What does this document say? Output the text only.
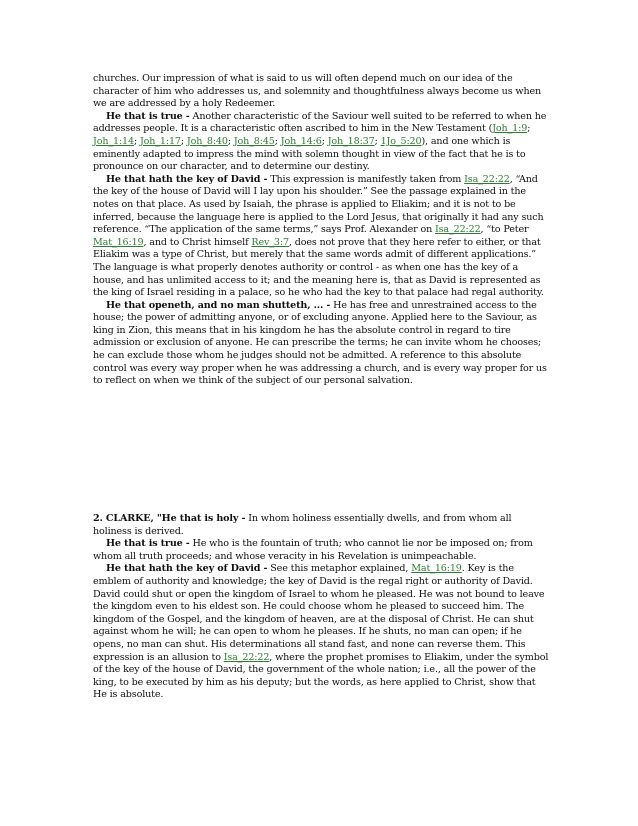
churches. Our impression of what is said to us will often depend much on our idea of the character of him who addresses us, and solemnity and thoughtfulness always become us when we are addressed by a holy Redeemer.

He that is true - Another characteristic of the Saviour well suited to be referred to when he addresses people. It is a characteristic often ascribed to him in the New Testament (Joh_1:9; Joh_1:14; Joh_1:17; Joh_8:40; Joh_8:45; Joh_14:6; Joh_18:37; 1Jo_5:20), and one which is eminently adapted to impress the mind with solemn thought in view of the fact that he is to pronounce on our character, and to determine our destiny.

He that hath the key of David - This expression is manifestly taken from Isa_22:22, “And the key of the house of David will I lay upon his shoulder.” See the passage explained in the notes on that place. As used by Isaiah, the phrase is applied to Eliakim; and it is not to be inferred, because the language here is applied to the Lord Jesus, that originally it had any such reference. “The application of the same terms,” says Prof. Alexander on Isa_22:22, “to Peter Mat_16:19, and to Christ himself Rev_3:7, does not prove that they here refer to either, or that Eliakim was a type of Christ, but merely that the same words admit of different applications.” The language is what properly denotes authority or control - as when one has the key of a house, and has unlimited access to it; and the meaning here is, that as David is represented as the king of Israel residing in a palace, so he who had the key to that palace had regal authority.

He that openeth, and no man shutteth, ... - He has free and unrestrained access to the house; the power of admitting anyone, or of excluding anyone. Applied here to the Saviour, as king in Zion, this means that in his kingdom he has the absolute control in regard to tire admission or exclusion of anyone. He can prescribe the terms; he can invite whom he chooses; he can exclude those whom he judges should not be admitted. A reference to this absolute control was every way proper when he was addressing a church, and is every way proper for us to reflect on when we think of the subject of our personal salvation.

2. CLARKE, "He that is holy - In whom holiness essentially dwells, and from whom all holiness is derived.

He that is true - He who is the fountain of truth; who cannot lie nor be imposed on; from whom all truth proceeds; and whose veracity in his Revelation is unimpeachable.

He that hath the key of David - See this metaphor explained, Mat_16:19. Key is the emblem of authority and knowledge; the key of David is the regal right or authority of David. David could shut or open the kingdom of Israel to whom he pleased. He was not bound to leave the kingdom even to his eldest son. He could choose whom he pleased to succeed him. The kingdom of the Gospel, and the kingdom of heaven, are at the disposal of Christ. He can shut against whom he will; he can open to whom he pleases. If he shuts, no man can open; if he opens, no man can shut. His determinations all stand fast, and none can reverse them. This expression is an allusion to Isa_22:22, where the prophet promises to Eliakim, under the symbol of the key of the house of David, the government of the whole nation; i.e., all the power of the king, to be executed by him as his deputy; but the words, as here applied to Christ, show that He is absolute.
